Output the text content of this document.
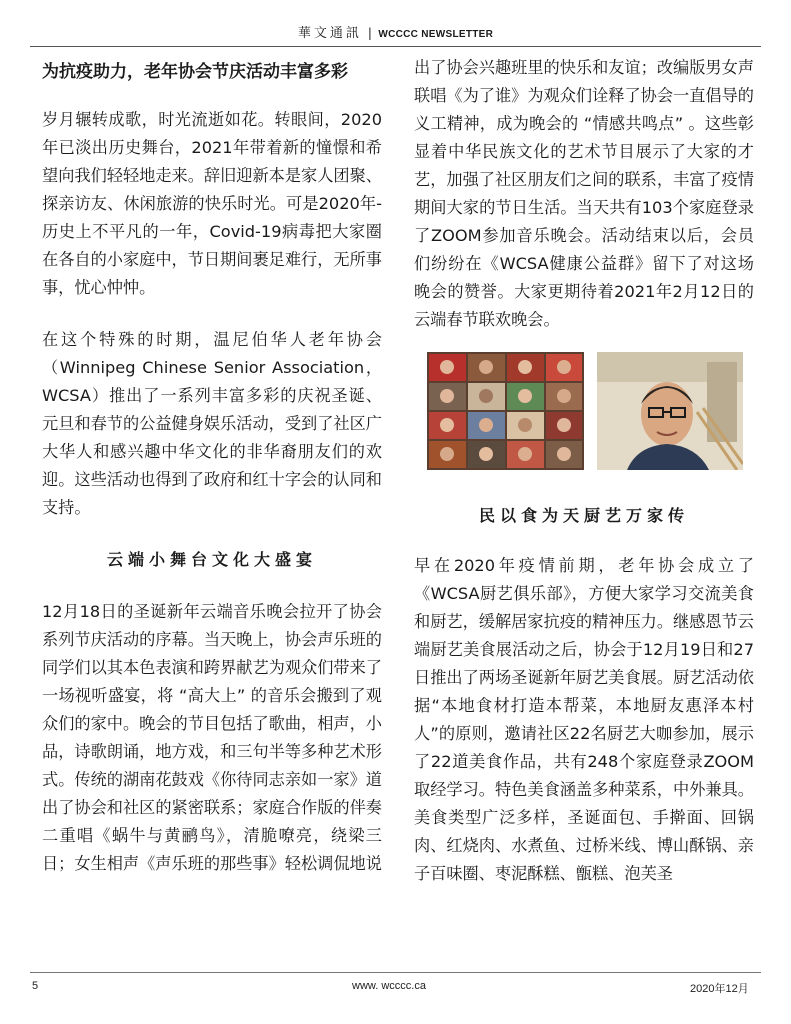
華文通訊 | WCCCC NEWSLETTER
为抗疫助力，老年协会节庆活动丰富多彩

岁月辗转成歌，时光流逝如花。转眼间，2020年已淡出历史舞台，2021年带着新的憧憬和希望向我们轻轻地走来。辞旧迎新本是家人团聚、探亲访友、休闲旅游的快乐时光。可是2020年-历史上不平凡的一年，Covid-19病毒把大家圈在各自的小家庭中，节日期间裹足难行，无所事事，忧心忡忡。

在这个特殊的时期，温尼伯华人老年协会（Winnipeg Chinese Senior Association，WCSA）推出了一系列丰富多彩的庆祝圣诞、元旦和春节的公益健身娱乐活动，受到了社区广大华人和感兴趣中华文化的非华裔朋友们的欢迎。这些活动也得到了政府和红十字会的认同和支持。

云端小舞台文化大盛宴

12月18日的圣诞新年云端音乐晚会拉开了协会系列节庆活动的序幕。当天晚上，协会声乐班的同学们以其本色表演和跨界献艺为观众们带来了一场视听盛宴，将 “高大上” 的音乐会搬到了观众们的家中。晚会的节目包括了歌曲，相声，小品，诗歌朗诵，地方戏，和三句半等多种艺术形式。传统的湖南花鼓戏《你待同志亲如一家》道出了协会和社区的紧密联系；家庭合作版的伴奏二重唱《蜗牛与黄鹂鸟》，清脆嘹亮，绕梁三日；女生相声《声乐班的那些事》轻松调侃地说

出了协会兴趣班里的快乐和友谊；改编版男女声联唱《为了谁》为观众们诠释了协会一直倡导的义工精神，成为晚会的 “情感共鸣点” 。这些彰显着中华民族文化的艺术节目展示了大家的才艺，加强了社区朋友们之间的联系，丰富了疫情期间大家的节日生活。当天共有103个家庭登录了ZOOM参加音乐晚会。活动结束以后，会员们纷纷在《WCSA健康公益群》留下了对这场晚会的赞誉。大家更期待着2021年2月12日的云端春节联欢晚会。

民以食为天厨艺万家传

早在2020年疫情前期，老年协会成立了《WCSA厨艺俱乐部》，方便大家学习交流美食和厨艺，缓解居家抗疫的精神压力。继感恩节云端厨艺美食展活动之后，协会于12月19日和27日推出了两场圣诞新年厨艺美食展。厨艺活动依据“本地食材打造本帮菜，本地厨友惠泽本村人”的原则，邀请社区22名厨艺大咖参加，展示了22道美食作品，共有248个家庭登录ZOOM　　取经学习。特色美食涵盖多种菜系，中外兼具。美食类型广泛多样，圣诞面包、手擀面、回锅肉、红烧肉、水煮鱼、过桥米线、博山酥锅、亲子百味圈、枣泥酥糕、甑糕、泡芙圣

5	www. wcccc.ca	2020年12月
